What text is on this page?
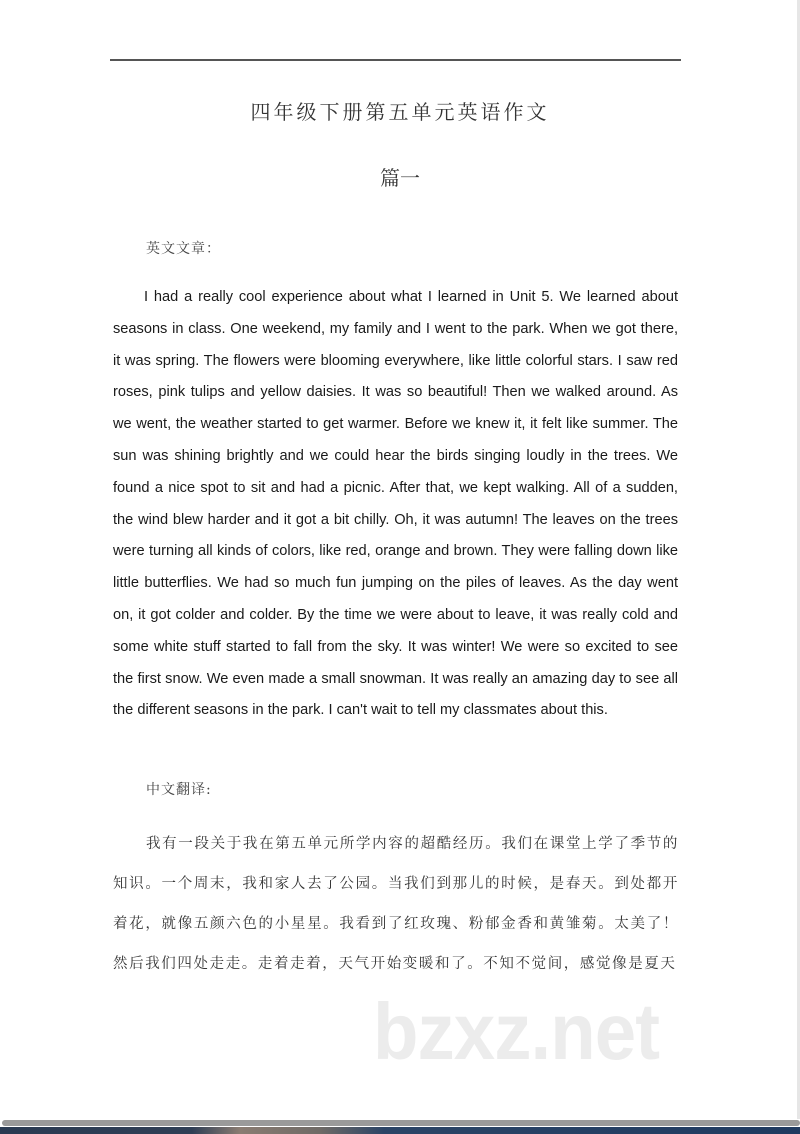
四年级下册第五单元英语作文
篇一
英文文章：

I had a really cool experience about what I learned in Unit 5. We learned about seasons in class. One weekend, my family and I went to the park. When we got there, it was spring. The flowers were blooming everywhere, like little colorful stars. I saw red roses, pink tulips and yellow daisies. It was so beautiful! Then we walked around. As we went, the weather started to get warmer. Before we knew it, it felt like summer. The sun was shining brightly and we could hear the birds singing loudly in the trees. We found a nice spot to sit and had a picnic. After that, we kept walking. All of a sudden, the wind blew harder and it got a bit chilly. Oh, it was autumn! The leaves on the trees were turning all kinds of colors, like red, orange and brown. They were falling down like little butterflies. We had so much fun jumping on the piles of leaves. As the day went on, it got colder and colder. By the time we were about to leave, it was really cold and some white stuff started to fall from the sky. It was winter! We were so excited to see the first snow. We even made a small snowman. It was really an amazing day to see all the different seasons in the park. I can't wait to tell my classmates about this.

中文翻译:

我有一段关于我在第五单元所学内容的超酷经历。我们在课堂上学了季节的知识。一个周末，我和家人去了公园。当我们到那儿的时候，是春天。到处都开着花，就像五颜六色的小星星。我看到了红玫瑰、粉郁金香和黄雏菊。太美了！然后我们四处走走。走着走着，天气开始变暖和了。不知不觉间，感觉像是夏天

bzxz.net
